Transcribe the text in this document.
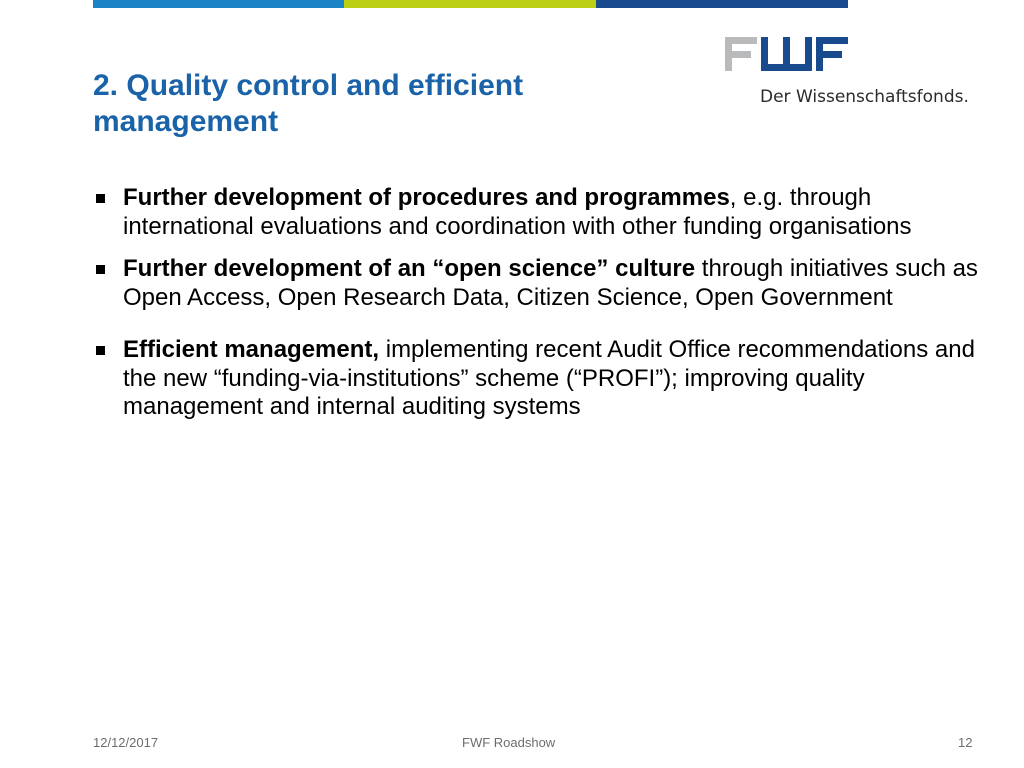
2. Quality control and efficient management
Der Wissenschaftsfonds.
Further development of procedures and programmes, e.g. through international evaluations and coordination with other funding organisations
Further development of an “open science” culture through initiatives such as Open Access, Open Research Data, Citizen Science, Open Government
Efficient management, implementing recent Audit Office recommendations and the new “funding-via-institutions” scheme (“PROFI”); improving quality management and internal auditing systems
12/12/2017	FWF Roadshow	12
